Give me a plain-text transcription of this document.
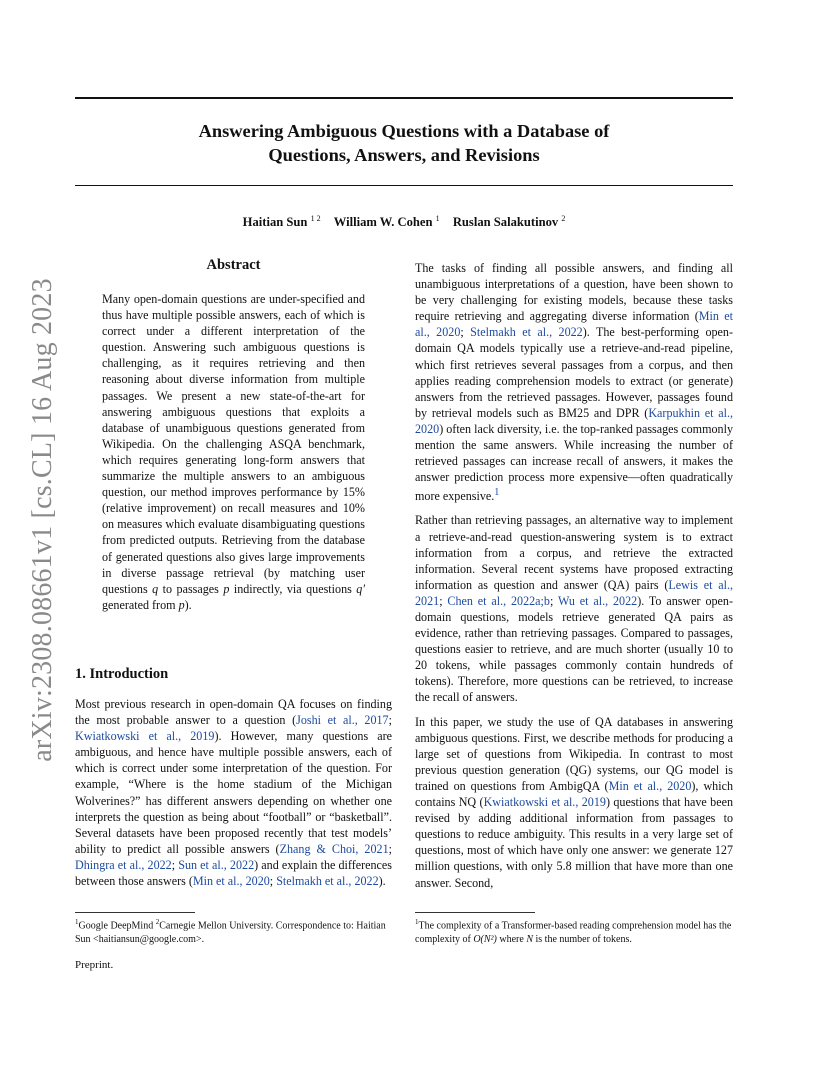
Answering Ambiguous Questions with a Database of
Questions, Answers, and Revisions
Haitian Sun $^{1 2}$ William W. Cohen $^1$ Ruslan Salakutinov $^2$
arXiv:2308.08661v1 [cs.CL] 16 Aug 2023
Abstract
Many open-domain questions are under-specified and thus have multiple possible answers, each of which is correct under a different interpretation of the question. Answering such ambiguous questions is challenging, as it requires retrieving and then reasoning about diverse information from multiple passages. We present a new state-of-the-art for answering ambiguous questions that exploits a database of unambiguous questions generated from Wikipedia. On the challenging ASQA benchmark, which requires generating long-form answers that summarize the multiple answers to an ambiguous question, our method improves performance by 15% (relative improvement) on recall measures and 10% on measures which evaluate disambiguating questions from predicted outputs. Retrieving from the database of generated questions also gives large improvements in diverse passage retrieval (by matching user questions q to passages p indirectly, via questions q′ generated from p).
1. Introduction
Most previous research in open-domain QA focuses on finding the most probable answer to a question (Joshi et al., 2017; Kwiatkowski et al., 2019). However, many questions are ambiguous, and hence have multiple possible answers, each of which is correct under some interpretation of the question. For example, “Where is the home stadium of the Michigan Wolverines?” has different answers depending on whether one interprets the question as being about “football” or “basketball”. Several datasets have been proposed recently that test models’ ability to predict all possible answers (Zhang & Choi, 2021; Dhingra et al., 2022; Sun et al., 2022) and explain the differences between those answers (Min et al., 2020; Stelmakh et al., 2022).
$^1$Google DeepMind $^2$Carnegie Mellon University. Correspondence to: Haitian Sun <haitiansun@google.com>.
Preprint.

The tasks of finding all possible answers, and finding all unambiguous interpretations of a question, have been shown to be very challenging for existing models, because these tasks require retrieving and aggregating diverse information (Min et al., 2020; Stelmakh et al., 2022). The best-performing open-domain QA models typically use a retrieve-and-read pipeline, which first retrieves several passages from a corpus, and then applies reading comprehension models to extract (or generate) answers from the retrieved passages. However, passages found by retrieval models such as BM25 and DPR (Karpukhin et al., 2020) often lack diversity, i.e. the top-ranked passages commonly mention the same answers. While increasing the number of retrieved passages can increase recall of answers, it makes the answer prediction process more expensive—often quadratically more expensive.$^1$

Rather than retrieving passages, an alternative way to implement a retrieve-and-read question-answering system is to extract information from a corpus, and retrieve the extracted information. Several recent systems have proposed extracting information as question and answer (QA) pairs (Lewis et al., 2021; Chen et al., 2022a;b; Wu et al., 2022). To answer open-domain questions, models retrieve generated QA pairs as evidence, rather than retrieving passages. Compared to passages, questions easier to retrieve, and are much shorter (usually 10 to 20 tokens, while passages commonly contain hundreds of tokens). Therefore, more questions can be retrieved, to increase the recall of answers.

In this paper, we study the use of QA databases in answering ambiguous questions. First, we describe methods for producing a large set of questions from Wikipedia. In contrast to most previous question generation (QG) systems, our QG model is trained on questions from AmbigQA (Min et al., 2020), which contains NQ (Kwiatkowski et al., 2019) questions that have been revised by adding additional information from passages to questions to reduce ambiguity. This results in a very large set of questions, most of which have only one answer: we generate 127 million questions, with only 5.8 million that have more than one answer. Second,

$^1$The complexity of a Transformer-based reading comprehension model has the complexity of O(N²) where N is the number of tokens.
